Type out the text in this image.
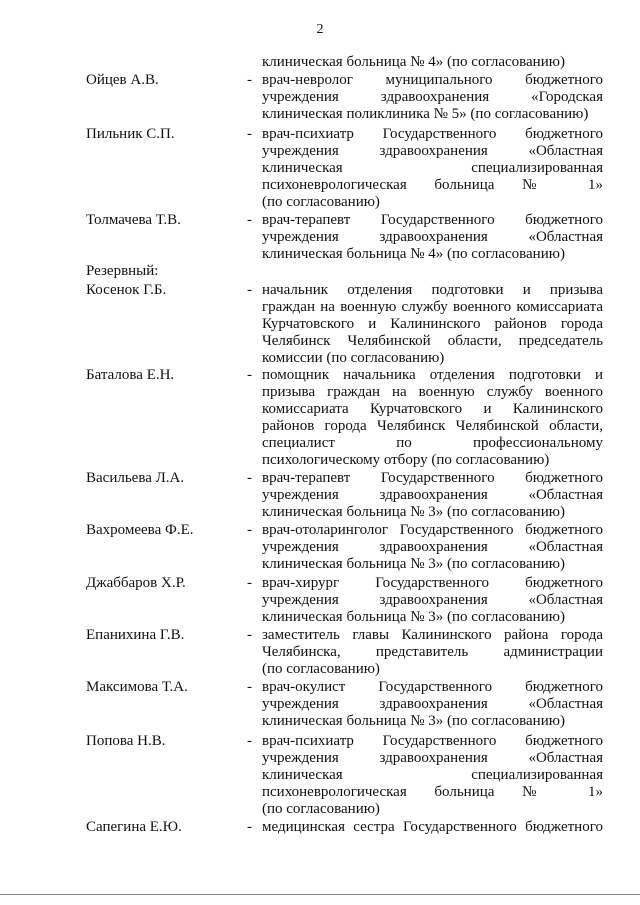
2
клиническая больница № 4» (по согласованию)
Ойцев А.В.	- врач-невролог муниципального бюджетного
учреждения здравоохранения «Городская
клиническая поликлиника № 5» (по согласованию)
Пильник С.П.	- врач-психиатр Государственного бюджетного
учреждения здравоохранения «Областная
клиническая специализированная
психоневрологическая больница № 1»
(по согласованию)
Толмачева Т.В.	- врач-терапевт Государственного бюджетного
учреждения здравоохранения «Областная
клиническая больница № 4» (по согласованию)
Резервный:
Косенок Г.Б.	- начальник отделения подготовки и призыва
граждан на военную службу военного комиссариата
Курчатовского и Калининского районов города
Челябинск Челябинской области, председатель
комиссии (по согласованию)
Баталова Е.Н.	- помощник начальника отделения подготовки и
призыва граждан на военную службу военного
комиссариата Курчатовского и Калининского
районов города Челябинск Челябинской области,
специалист по профессиональному
психологическому отбору (по согласованию)
Васильева Л.А.	- врач-терапевт Государственного бюджетного
учреждения здравоохранения «Областная
клиническая больница № 3» (по согласованию)
Вахромеева Ф.Е.	- врач-отоларинголог Государственного бюджетного
учреждения здравоохранения «Областная
клиническая больница № 3» (по согласованию)
Джаббаров Х.Р.	- врач-хирург Государственного бюджетного
учреждения здравоохранения «Областная
клиническая больница № 3» (по согласованию)
Епанихина Г.В.	- заместитель главы Калининского района города
Челябинска, представитель администрации
(по согласованию)
Максимова Т.А.	- врач-окулист Государственного бюджетного
учреждения здравоохранения «Областная
клиническая больница № 3» (по согласованию)
Попова Н.В.	- врач-психиатр Государственного бюджетного
учреждения здравоохранения «Областная
клиническая специализированная
психоневрологическая больница № 1»
(по согласованию)
Сапегина Е.Ю.	- медицинская сестра Государственного бюджетного
